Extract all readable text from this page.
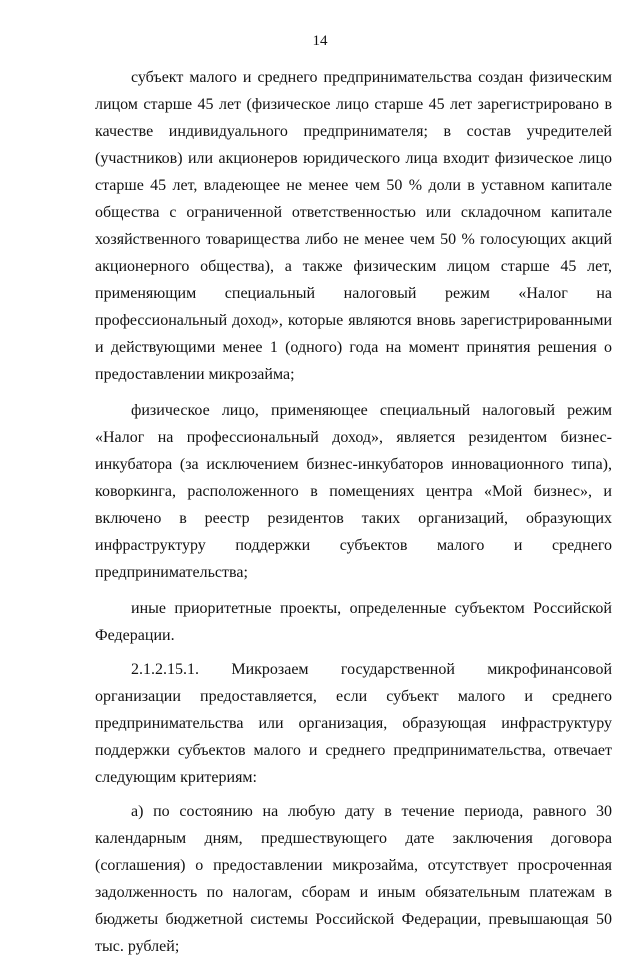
14

субъект малого и среднего предпринимательства создан физическим лицом старше 45 лет (физическое лицо старше 45 лет зарегистрировано в качестве индивидуального предпринимателя; в состав учредителей (участников) или акционеров юридического лица входит физическое лицо старше 45 лет, владеющее не менее чем 50 % доли в уставном капитале общества с ограниченной ответственностью или складочном капитале хозяйственного товарищества либо не менее чем 50 % голосующих акций акционерного общества), а также физическим лицом старше 45 лет, применяющим специальный налоговый режим «Налог на профессиональный доход», которые являются вновь зарегистрированными и действующими менее 1 (одного) года на момент принятия решения о предоставлении микрозайма;

физическое лицо, применяющее специальный налоговый режим «Налог на профессиональный доход», является резидентом бизнес-инкубатора (за исключением бизнес-инкубаторов инновационного типа), коворкинга, расположенного в помещениях центра «Мой бизнес», и включено в реестр резидентов таких организаций, образующих инфраструктуру поддержки субъектов малого и среднего предпринимательства;

иные приоритетные проекты, определенные субъектом Российской Федерации.

2.1.2.15.1. Микрозаем государственной микрофинансовой организации предоставляется, если субъект малого и среднего предпринимательства или организация, образующая инфраструктуру поддержки субъектов малого и среднего предпринимательства, отвечает следующим критериям:

а) по состоянию на любую дату в течение периода, равного 30 календарным дням, предшествующего дате заключения договора (соглашения) о предоставлении микрозайма, отсутствует просроченная задолженность по налогам, сборам и иным обязательным платежам в бюджеты бюджетной системы Российской Федерации, превышающая 50 тыс. рублей;
